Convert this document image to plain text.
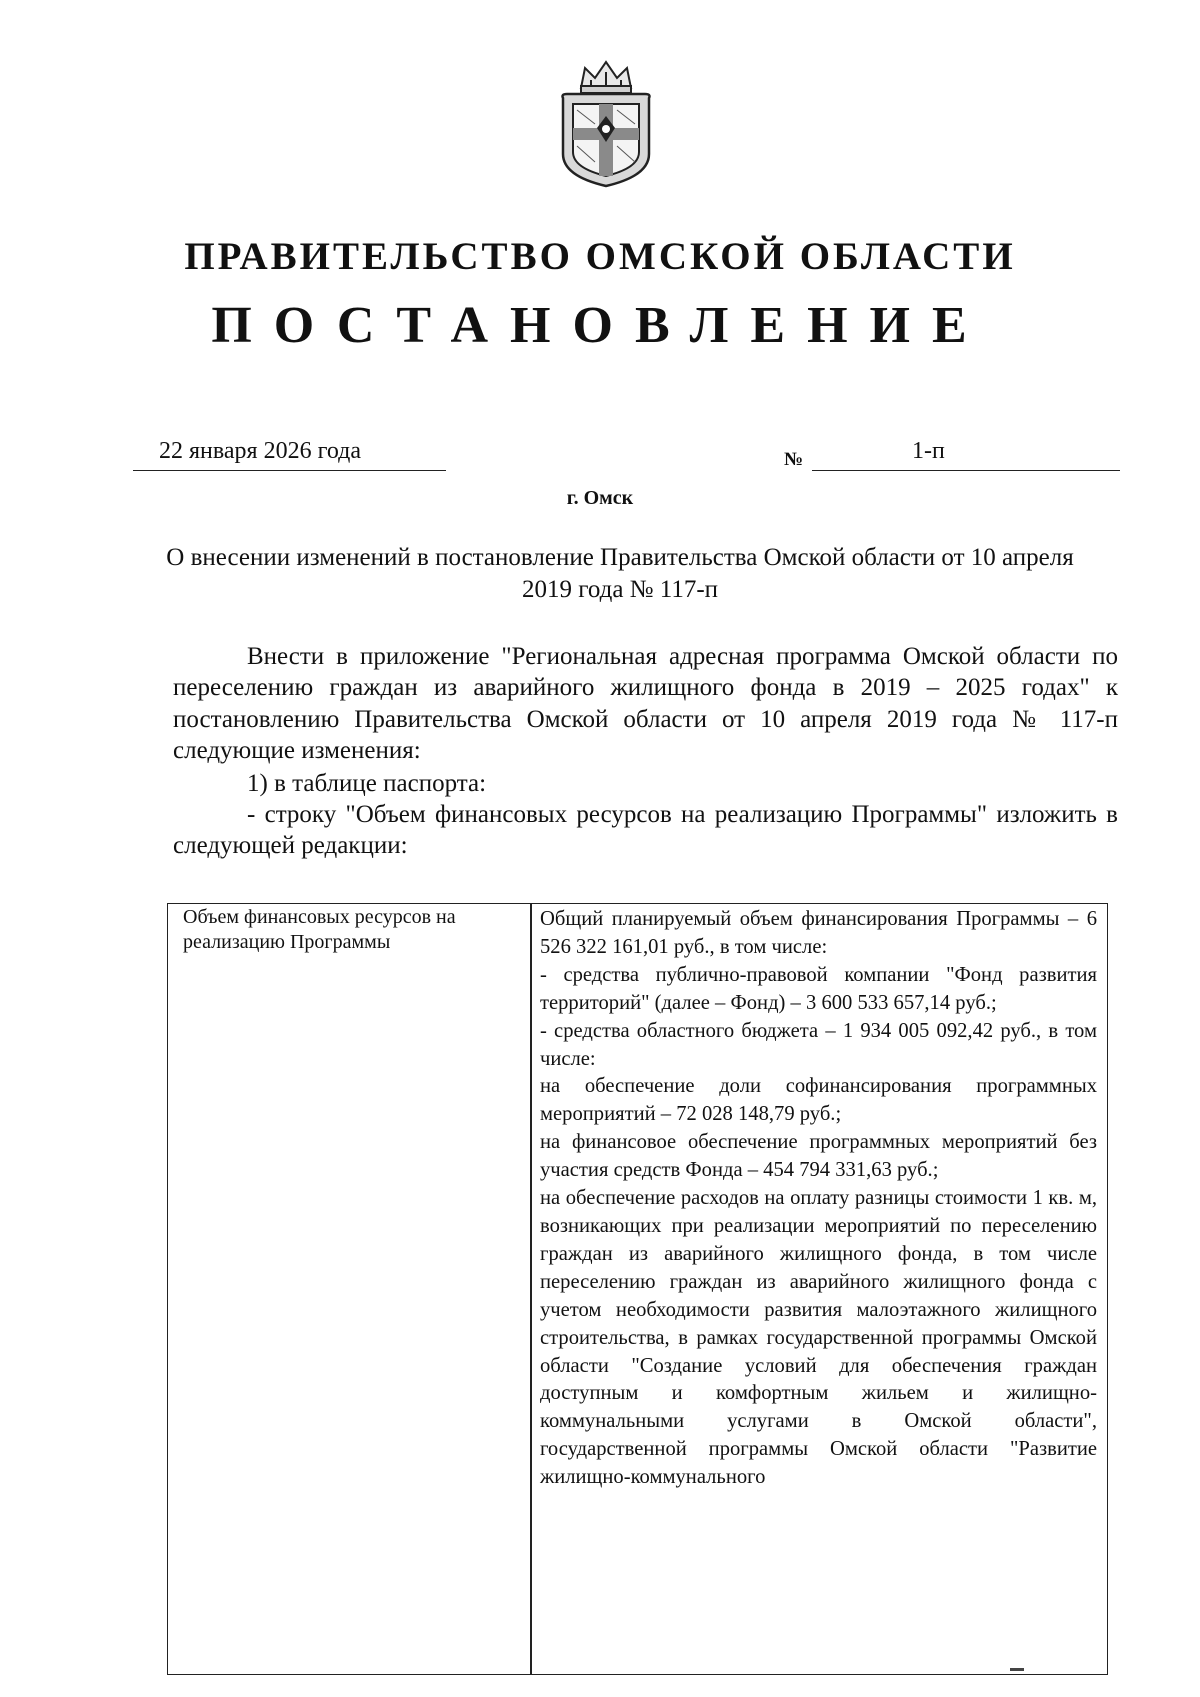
ПРАВИТЕЛЬСТВО ОМСКОЙ ОБЛАСТИ
ПОСТАНОВЛЕНИЕ
22 января 2026 года	№	1-п
г. Омск
О внесении изменений в постановление Правительства Омской области от 10 апреля 2019 года № 117-п
Внести в приложение "Региональная адресная программа Омской области по переселению граждан из аварийного жилищного фонда в 2019 – 2025 годах" к постановлению Правительства Омской области от 10 апреля 2019 года № 117-п следующие изменения:
1) в таблице паспорта:
- строку "Объем финансовых ресурсов на реализацию Программы" изложить в следующей редакции:
Объем финансовых ресурсов на реализацию Программы

Общий планируемый объем финансирования Программы – 6 526 322 161,01 руб., в том числе:

- средства публично-правовой компании "Фонд развития территорий" (далее – Фонд) – 3 600 533 657,14 руб.;

- средства областного бюджета – 1 934 005 092,42 руб., в том числе:

на обеспечение доли софинансирования программных мероприятий – 72 028 148,79 руб.;

на финансовое обеспечение программных мероприятий без участия средств Фонда – 454 794 331,63 руб.;

на обеспечение расходов на оплату разницы стоимости 1 кв. м, возникающих при реализации мероприятий по переселению граждан из аварийного жилищного фонда, в том числе переселению граждан из аварийного жилищного фонда с учетом необходимости развития малоэтажного жилищного строительства, в рамках государственной программы Омской области "Создание условий для обеспечения граждан доступным и комфортным жильем и жилищно-коммунальными услугами в Омской области", государственной программы Омской области "Развитие жилищно-коммунального
